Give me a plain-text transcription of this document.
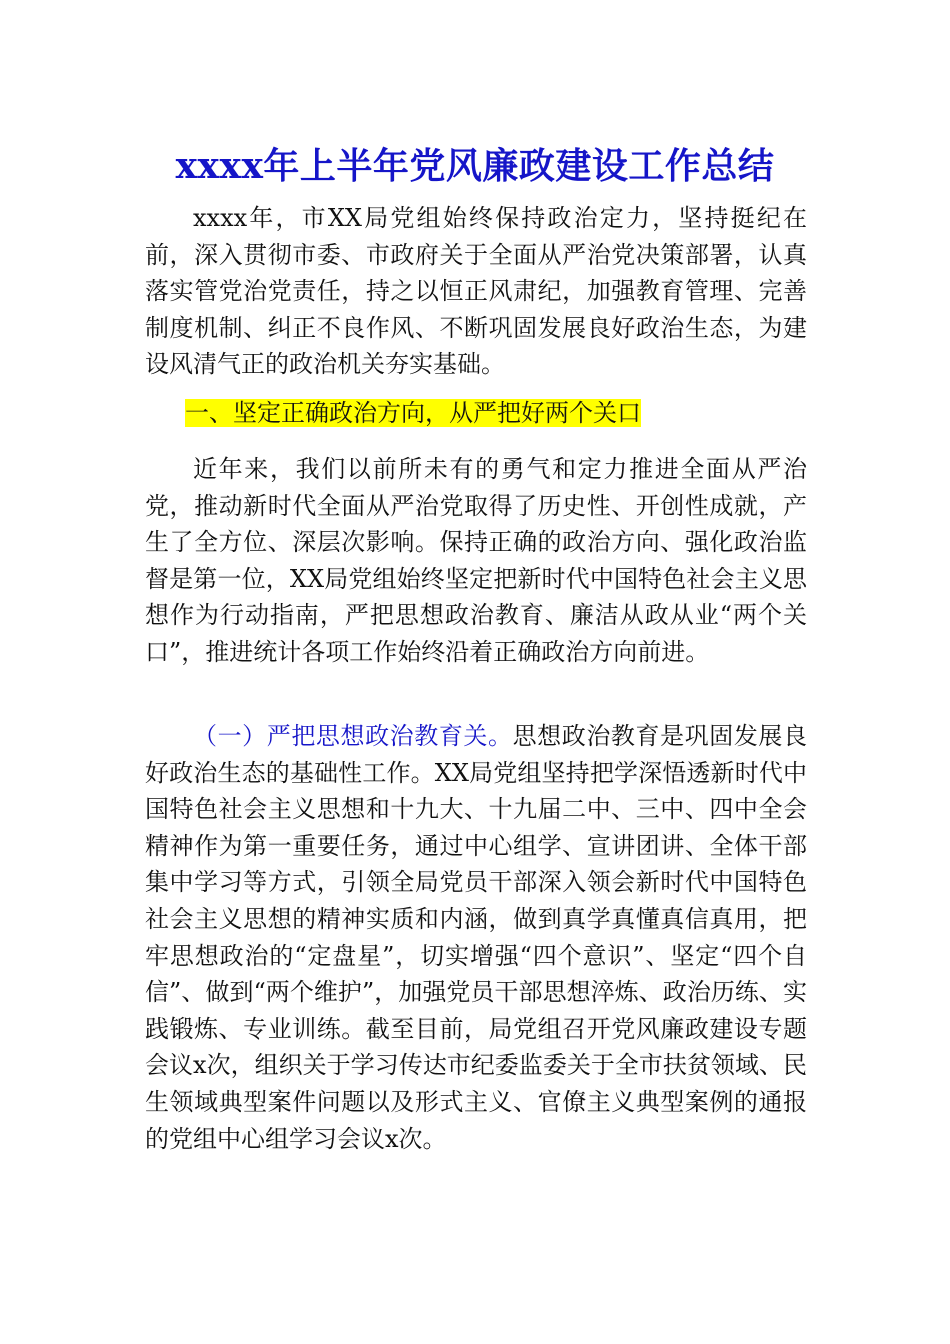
xxxx年上半年党风廉政建设工作总结

xxxx年，市XX局党组始终保持政治定力，坚持挺纪在前，深入贯彻市委、市政府关于全面从严治党决策部署，认真落实管党治党责任，持之以恒正风肃纪，加强教育管理、完善制度机制、纠正不良作风、不断巩固发展良好政治生态，为建设风清气正的政治机关夯实基础。

一、坚定正确政治方向，从严把好两个关口

近年来，我们以前所未有的勇气和定力推进全面从严治党，推动新时代全面从严治党取得了历史性、开创性成就，产生了全方位、深层次影响。保持正确的政治方向、强化政治监督是第一位，XX局党组始终坚定把新时代中国特色社会主义思想作为行动指南，严把思想政治教育、廉洁从政从业“两个关口”，推进统计各项工作始终沿着正确政治方向前进。

（一）严把思想政治教育关。思想政治教育是巩固发展良好政治生态的基础性工作。XX局党组坚持把学深悟透新时代中国特色社会主义思想和十九大、十九届二中、三中、四中全会精神作为第一重要任务，通过中心组学、宣讲团讲、全体干部集中学习等方式，引领全局党员干部深入领会新时代中国特色社会主义思想的精神实质和内涵，做到真学真懂真信真用，把牢思想政治的“定盘星”，切实增强“四个意识”、坚定“四个自信”、做到“两个维护”，加强党员干部思想淬炼、政治历练、实践锻炼、专业训练。截至目前，局党组召开党风廉政建设专题会议x次，组织关于学习传达市纪委监委关于全市扶贫领域、民生领域典型案件问题以及形式主义、官僚主义典型案例的通报的党组中心组学习会议x次。
